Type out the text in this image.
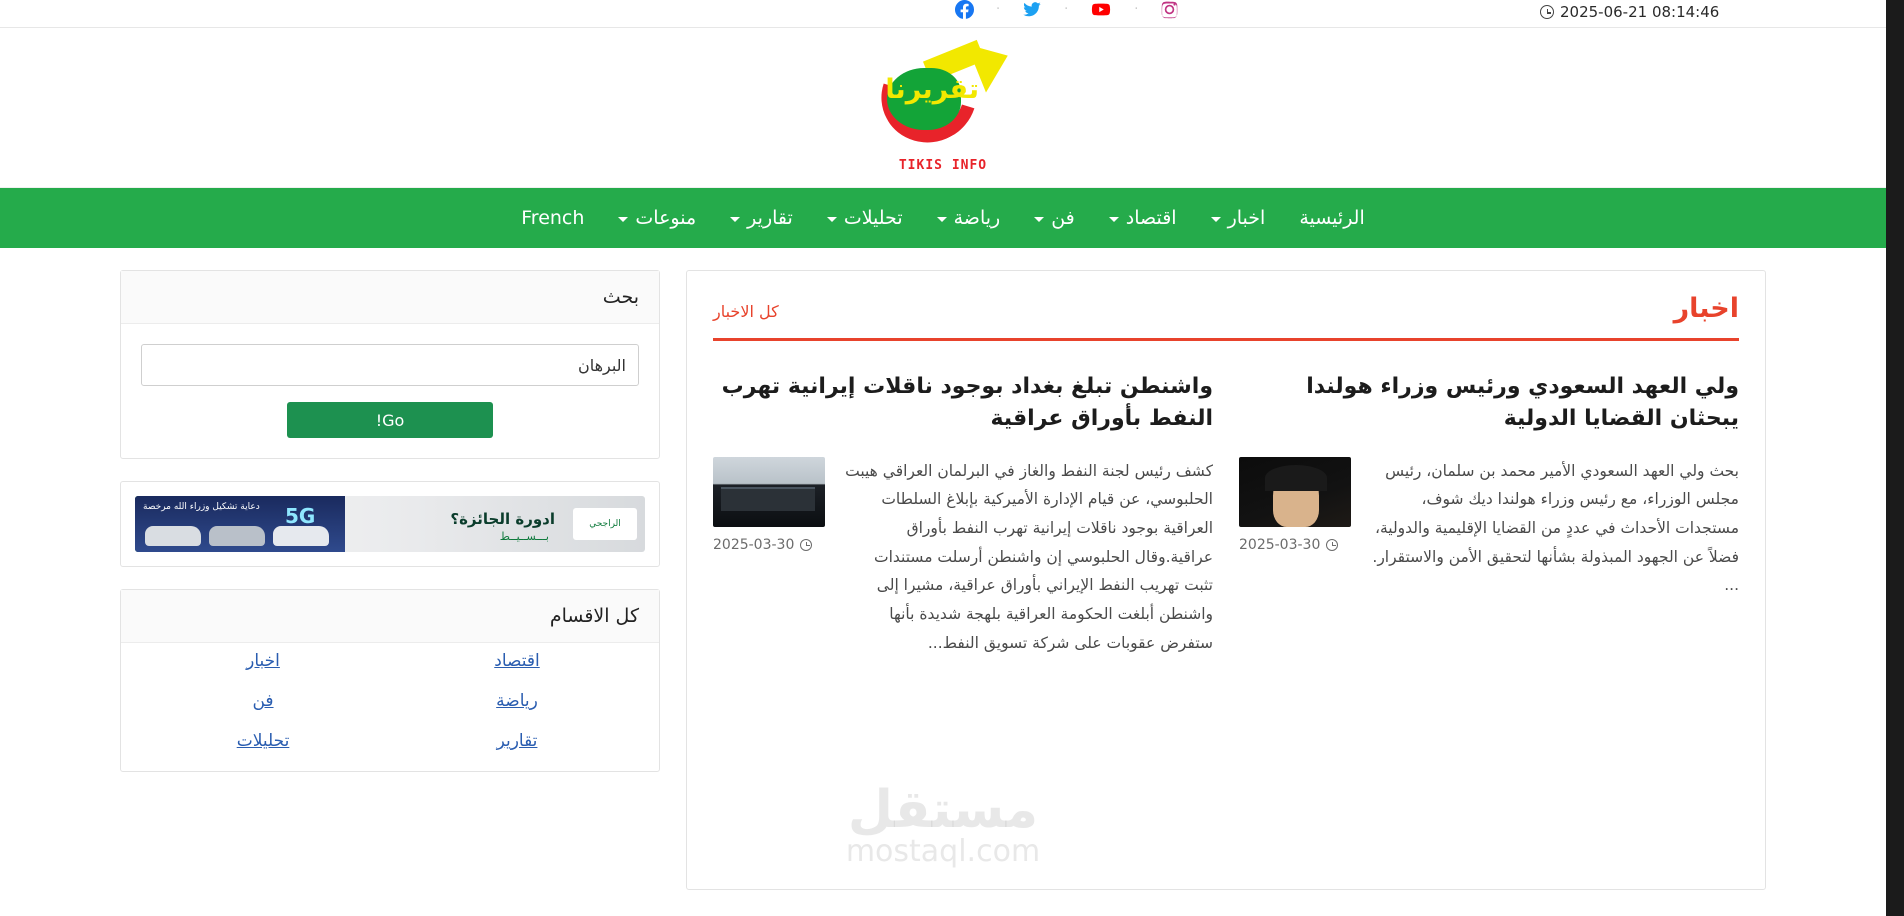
2025-06-21 08:14:46
·	·	·
تقريرنا
TIKIS INFO
الرئيسية
اخبار
اقتصاد
فن
رياضة
تحليلات
تقارير
منوعات
French
اخبار
كل الاخبار
ولي العهد السعودي ورئيس وزراء هولندا يبحثان القضايا الدولية
بحث ولي العهد السعودي الأمير محمد بن سلمان، رئيس مجلس الوزراء، مع رئيس وزراء هولندا ديك شوف، مستجدات الأحداث في عددٍ من القضايا الإقليمية والدولية، فضلاً عن الجهود المبذولة بشأنها لتحقيق الأمن والاستقرار. ...
2025-03-30
واشنطن تبلغ بغداد بوجود ناقلات إيرانية تهرب النفط بأوراق عراقية
كشف رئيس لجنة النفط والغاز في البرلمان العراقي هيبت الحلبوسي، عن قيام الإدارة الأميركية بإبلاغ السلطات العراقية بوجود ناقلات إيرانية تهرب النفط بأوراق عراقية.وقال الحلبوسي إن واشنطن أرسلت مستندات تثبت تهريب النفط الإيراني بأوراق عراقية، مشيرا إلى واشنطن أبلغت الحكومة العراقية بلهجة شديدة بأنها ستفرض عقوبات على شركة تسويق النفط...
2025-03-30
بحث
البرهان
Go!
5G
دعاية تشكيل وزراء الله مرخصة
ادورة الجائزة؟
بـــســيــط
الراجحي
كل الاقسام
اقتصاد
اخبار
رياضة
فن
تقارير
تحليلات
مستقل
mostaql.com
